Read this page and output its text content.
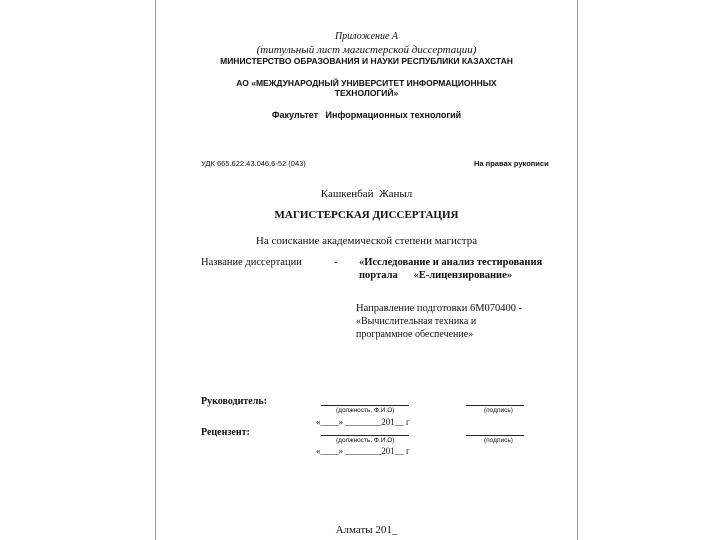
Приложение А
(титульный лист магистерской диссертации)
МИНИСТЕРСТВО ОБРАЗОВАНИЯ И НАУКИ РЕСПУБЛИКИ КАЗАХСТАН
АО «МЕЖДУНАРОДНЫЙ УНИВЕРСИТЕТ ИНФОРМАЦИОННЫХ
ТЕХНОЛОГИЙ»
Факультет   Информационных технологий
УДК 665.622.43.046.6-52 (043)	На правах рукописи
Кашкенбай  Жаныл
МАГИСТЕРСКАЯ ДИССЕРТАЦИЯ
На соискание академической степени магистра
Название диссертации	- «Исследование и анализ тестирования
портала      «E-лицензирование»
Направление подготовки 6М070400 -
«Вычислительная техника и
программное обеспечение»
Руководитель:
(должность, Ф.И.О)	(подпись)
«____» ________201__ г
Рецензент:
(должность, Ф.И.О)	(подпись)
«____» ________201__ г
Алматы 201_
